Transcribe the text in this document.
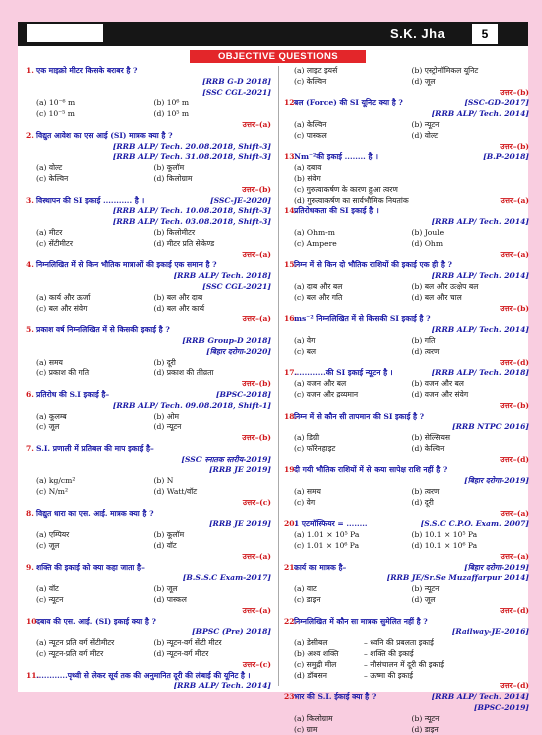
S.K. Jha	5
OBJECTIVE QUESTIONS
1. एक माइक्रो मीटर किसके बराबर है ?
[RRB G-D 2018]
[SSC CGL-2021]
(a) 10⁻⁶ m	(b) 10⁶ m
(c) 10⁻⁵ m	(d) 10⁵ m
उत्तर–(a)
2. विद्युत आवेश का एस आई (SI) मात्रक क्या है ?
[RRB ALP/ Tech. 20.08.2018, Shift-3]
[RRB ALP/ Tech. 31.08.2018, Shift-3]
(a) वोल्ट	(b) कूलॉम
(c) केल्विन	(d) किलोग्राम
उत्तर–(b)
3. विस्थापन की SI इकाई ........... है ।	[SSC-JE-2020]
[RRB ALP/ Tech. 10.08.2018, Shift-3]
[RRB ALP/ Tech. 03.08.2018, Shift-3]
(a) मीटर	(b) किलोमीटर
(c) सेंटीमीटर	(d) मीटर प्रति सेकेण्ड
उत्तर–(a)
4. निम्नलिखित में से किन भौतिक मात्राओं की इकाई एक समान है ?
[RRB ALP/ Tech. 2018]
[SSC CGL-2021]
(a) कार्य और ऊर्जा	(b) बल और दाब
(c) बल और संवेग	(d) बल और कार्य
उत्तर–(a)
5. प्रकाश वर्ष निम्नलिखित में से किसकी इकाई है ?
[RRB Group-D 2018]
[बिहार दरोगा-2020]
(a) समय	(b) दूरी
(c) प्रकाश की गति	(d) प्रकाश की तीव्रता
उत्तर–(b)
6. प्रतिरोध की S.I इकाई है–	[BPSC-2018]
[RRB ALP/ Tech. 09.08.2018, Shift-1]
(a) कूलम्ब	(b) ओम
(c) जूल	(d) न्यूटन
उत्तर–(b)
7. S.I. प्रणाली में प्रतिबल की माप इकाई है–
[SSC स्नातक स्तरीय-2019]
[RRB JE 2019]
(a) kg/cm²	(b) N
(c) N/m²	(d) Watt/वॉट
उत्तर–(c)
8. विद्युत धारा का एस. आई. मात्रक क्या है ?
[RRB JE 2019]
(a) एम्पियर	(b) कूलॉम
(c) जूल	(d) वॉट
उत्तर–(a)
9. शक्ति की इकाई को क्या कहा जाता है–
[B.S.S.C Exam-2017]
(a) वॉट	(b) जूल
(c) न्यूटन	(d) पास्कल
उत्तर–(a)
10.
दबाव की एस. आई. (SI) इकाई क्या है ?
[BPSC (Pre) 2018]
(a) न्यूटन प्रति वर्ग सेंटीमीटर	(b) न्यूटन-वर्ग सेंटी मीटर
(c) न्यूटन-प्रति वर्ग मीटर	(d) न्यूटन-वर्ग मीटर
उत्तर–(c)
11.
............पृथ्वी से लेकर सूर्य तक की अनुमानित दूरी की लंबाई की यूनिट है ।
[RRB ALP/ Tech. 2014]
(a) लाइट इयर्स	(b) एस्ट्रोनॉमिकल यूनिट
(c) केल्विन	(d) जूल
उत्तर–(b)
12.
बल (Force) की SI यूनिट क्या है ?	[SSC-GD-2017]
[RRB ALP/ Tech. 2014]
(a) केल्विन	(b) न्यूटन
(c) पास्कल	(d) वोल्ट
उत्तर–(b)
13.
Nm⁻²की इकाई ........ है ।	[B.P-2018]
(a) दबाव
(b) संवेग
(c) गुरुत्वाकर्षण के कारण हुआ त्वरण
(d) गुरुत्वाकर्षण का सार्वभौमिक नियतांक	उत्तर–(a)
14.
प्रतिरोधकता की SI इकाई है ।
[RRB ALP/ Tech. 2014]
(a) Ohm-m	(b) Joule
(c) Ampere	(d) Ohm
उत्तर–(a)
15.
निम्न में से किन दो भौतिक राशियों की इकाई एक ही है ?
[RRB ALP/ Tech. 2014]
(a) दाब और बल	(b) बल और उत्क्षेप बल
(c) बल और गति	(d) बल और चाल
उत्तर–(b)
16.
ms⁻² निम्नलिखित में से किसकी SI इकाई है ?
[RRB ALP/ Tech. 2014]
(a) वेग	(b) गति
(c) बल	(d) त्वरण
उत्तर–(d)
17.
............की SI इकाई न्यूटन है ।	[RRB ALP/ Tech. 2018]
(a) वजन और बल	(b) वजन और बल
(c) वजन और द्रव्यमान	(d) वजन और संवेग
उत्तर–(b)
18.
निम्न में से कौन सी तापमान की SI इकाई है ?
[RRB NTPC 2016]
(a) डिग्री	(b) सेल्सियस
(c) फॉरेनहाइट	(d) केल्विन
उत्तर–(d)
19.
दी गयी भौतिक राशियों में से कया सापेक्ष राशि नहीं है ?
[बिहार दरोगा-2019]
(a) समय	(b) त्वरण
(c) वेग	(d) दूरी
उत्तर–(a)
20.
1 एटमॉस्फियर = ........	[S.S.C C.P.O. Exam. 2007]
(a) 1.01 × 10⁵ Pa	(b) 10.1 × 10⁵ Pa
(c) 1.01 × 10⁶ Pa	(d) 10.1 × 10⁶ Pa
उत्तर–(a)
21.
कार्य का मात्रक है–	[बिहार दरोगा-2019]
[RRB JE/Sr.Se Muzaffarpur 2014]
(a) वाट	(b) न्यूटन
(c) डाइन	(d) जूल
उत्तर–(d)
22.
निम्नलिखित में कौन सा मात्रक सुमेलित नहीं है ?
[Railway-JE-2016]
(a) डेसीबल	– ध्वनि की प्रबलता इकाई
(b) अश्व शक्ति	– शक्ति की इकाई
(c) समुद्री मील	– नौसंचालन में दूरी की इकाई
(d) डॉबसन	– ऊष्मा की इकाई
उत्तर–(d)
23.
भार की S.I. ईकाई क्या है ?	[RRB ALP/ Tech. 2014]
[BPSC-2019]
(a) किलोग्राम	(b) न्यूटन
(c) ग्राम	(d) डाइन
